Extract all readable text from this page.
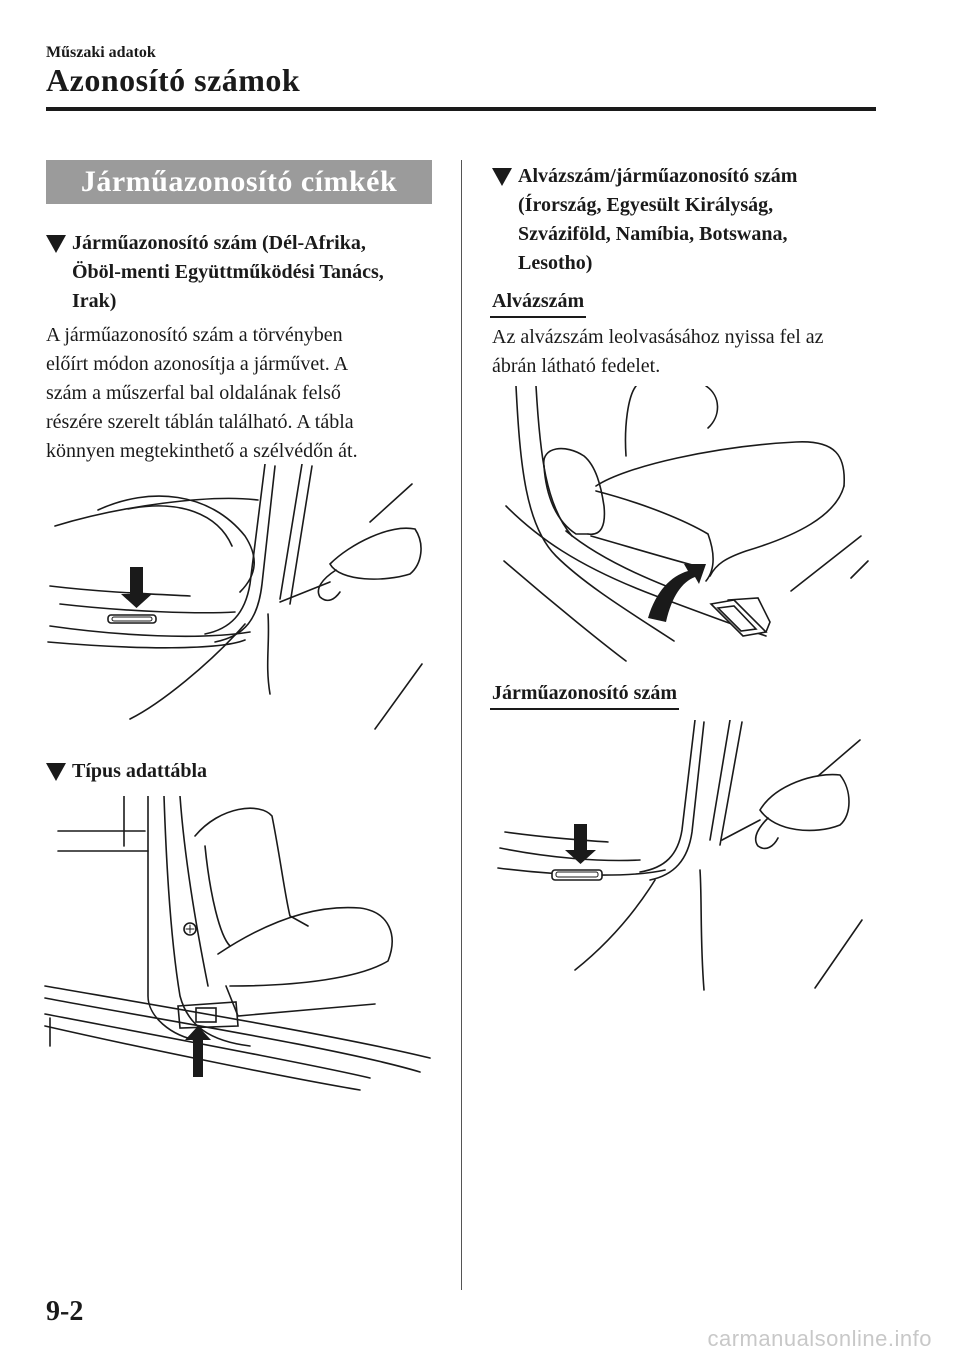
Műszaki adatok
Azonosító számok
Járműazonosító címkék
Járműazonosító szám (Dél-Afrika,
Öböl-menti Együttműködési Tanács,
Irak)
A járműazonosító szám a törvényben
előírt módon azonosítja a járművet. A
szám a műszerfal bal oldalának felső
részére szerelt táblán található. A tábla
könnyen megtekinthető a szélvédőn át.
Típus adattábla
Alvázszám/járműazonosító szám
(Írország, Egyesült Királyság,
Szváziföld, Namíbia, Botswana,
Lesotho)
Alvázszám
Az alvázszám leolvasásához nyissa fel az
ábrán látható fedelet.
Járműazonosító szám
9-2
carmanualsonline.info
